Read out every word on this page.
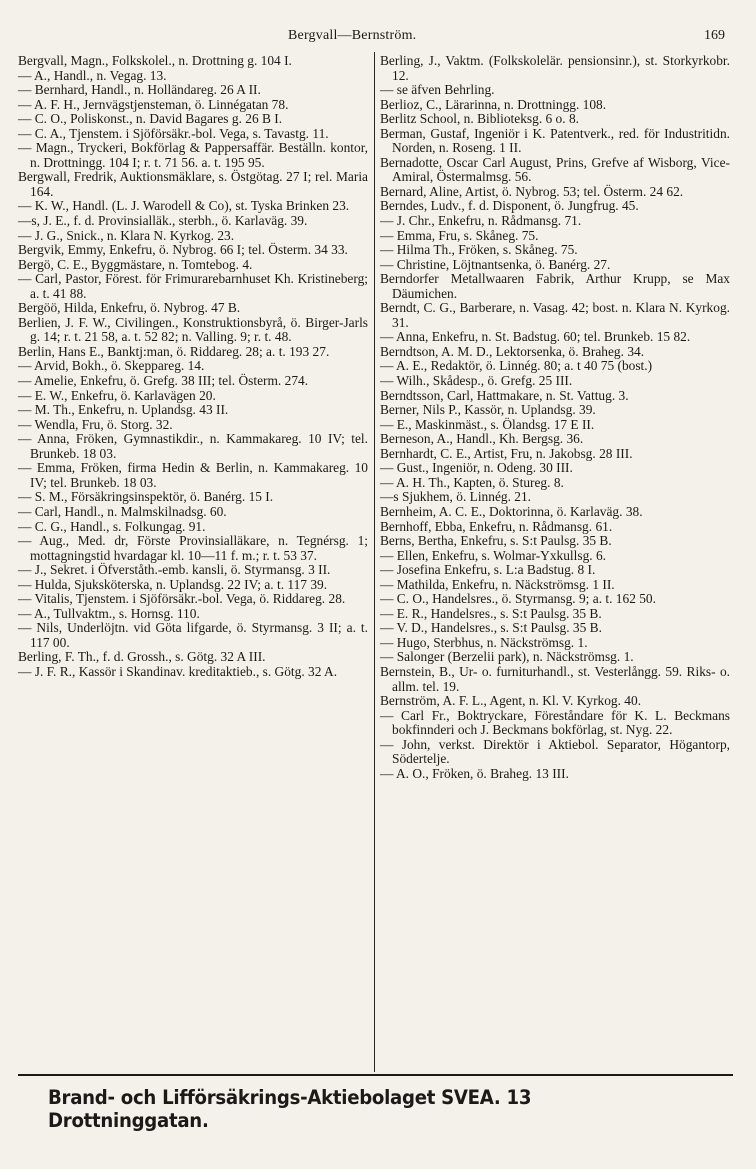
Bergvall—Bernström.	169
Bergvall, Magn., Folkskolel., n. Drottning g. 104 I.
— A., Handl., n. Vegag. 13.
— Bernhard, Handl., n. Holländareg. 26 A II.
— A. F. H., Jernvägstjensteman, ö. Linnégatan 78.
— C. O., Poliskonst., n. David Bagares g. 26 B I.
— C. A., Tjenstem. i Sjöförsäkr.-bol. Vega, s. Tavastg. 11.
— Magn., Tryckeri, Bokförlag & Pappersaffär. Beställn. kontor, n. Drottningg. 104 I; r. t. 71 56. a. t. 195 95.
Bergwall, Fredrik, Auktionsmäklare, s. Östgötag. 27 I; rel. Maria 164.
— K. W., Handl. (L. J. Warodell & Co), st. Tyska Brinken 23.
—s, J. E., f. d. Provinsialläk., sterbh., ö. Karlaväg. 39.
— J. G., Snick., n. Klara N. Kyrkog. 23.
Bergvik, Emmy, Enkefru, ö. Nybrog. 66 I; tel. Österm. 34 33.
Bergö, C. E., Byggmästare, n. Tomtebog. 4.
— Carl, Pastor, Förest. för Frimurarebarnhuset Kh. Kristineberg; a. t. 41 88.
Bergöö, Hilda, Enkefru, ö. Nybrog. 47 B.
Berlien, J. F. W., Civilingen., Konstruktionsbyrå, ö. Birger-Jarls g. 14; r. t. 21 58, a. t. 52 82; n. Valling. 9; r. t. 48.
Berlin, Hans E., Banktj:man, ö. Riddareg. 28; a. t. 193 27.
— Arvid, Bokh., ö. Skeppareg. 14.
— Amelie, Enkefru, ö. Grefg. 38 III; tel. Österm. 274.
— E. W., Enkefru, ö. Karlavägen 20.
— M. Th., Enkefru, n. Uplandsg. 43 II.
— Wendla, Fru, ö. Storg. 32.
— Anna, Fröken, Gymnastikdir., n. Kammakareg. 10 IV; tel. Brunkeb. 18 03.
— Emma, Fröken, firma Hedin & Berlin, n. Kammakareg. 10 IV; tel. Brunkeb. 18 03.
— S. M., Försäkringsinspektör, ö. Banérg. 15 I.
— Carl, Handl., n. Malmskilnadsg. 60.
— C. G., Handl., s. Folkungag. 91.
— Aug., Med. dr, Förste Provinsialläkare, n. Tegnérsg. 1; mottagningstid hvardagar kl. 10—11 f. m.; r. t. 53 37.
— J., Sekret. i Öfverståth.-emb. kansli, ö. Styrmansg. 3 II.
— Hulda, Sjuksköterska, n. Uplandsg. 22 IV; a. t. 117 39.
— Vitalis, Tjenstem. i Sjöförsäkr.-bol. Vega, ö. Riddareg. 28.
— A., Tullvaktm., s. Hornsg. 110.
— Nils, Underlöjtn. vid Göta lifgarde, ö. Styrmansg. 3 II; a. t. 117 00.
Berling, F. Th., f. d. Grossh., s. Götg. 32 A III.
— J. F. R., Kassör i Skandinav. kreditaktieb., s. Götg. 32 A.
Berling, J., Vaktm. (Folkskolelär. pensionsinr.), st. Storkyrkobr. 12.
— se äfven Behrling.
Berlioz, C., Lärarinna, n. Drottningg. 108.
Berlitz School, n. Biblioteksg. 6 o. 8.
Berman, Gustaf, Ingeniör i K. Patentverk., red. för Industritidn. Norden, n. Roseng. 1 II.
Bernadotte, Oscar Carl August, Prins, Grefve af Wisborg, Vice-Amiral, Östermalmsg. 56.
Bernard, Aline, Artist, ö. Nybrog. 53; tel. Österm. 24 62.
Berndes, Ludv., f. d. Disponent, ö. Jungfrug. 45.
— J. Chr., Enkefru, n. Rådmansg. 71.
— Emma, Fru, s. Skåneg. 75.
— Hilma Th., Fröken, s. Skåneg. 75.
— Christine, Löjtnantsenka, ö. Banérg. 27.
Berndorfer Metallwaaren Fabrik, Arthur Krupp, se Max Däumichen.
Berndt, C. G., Barberare, n. Vasag. 42; bost. n. Klara N. Kyrkog. 31.
— Anna, Enkefru, n. St. Badstug. 60; tel. Brunkeb. 15 82.
Berndtson, A. M. D., Lektorsenka, ö. Braheg. 34.
— A. E., Redaktör, ö. Linnég. 80; a. t 40 75 (bost.)
— Wilh., Skådesp., ö. Grefg. 25 III.
Berndtsson, Carl, Hattmakare, n. St. Vattug. 3.
Berner, Nils P., Kassör, n. Uplandsg. 39.
— E., Maskinmäst., s. Ölandsg. 17 E II.
Berneson, A., Handl., Kh. Bergsg. 36.
Bernhardt, C. E., Artist, Fru, n. Jakobsg. 28 III.
— Gust., Ingeniör, n. Odeng. 30 III.
— A. H. Th., Kapten, ö. Stureg. 8.
—s Sjukhem, ö. Linnég. 21.
Bernheim, A. C. E., Doktorinna, ö. Karlaväg. 38.
Bernhoff, Ebba, Enkefru, n. Rådmansg. 61.
Berns, Bertha, Enkefru, s. S:t Paulsg. 35 B.
— Ellen, Enkefru, s. Wolmar-Yxkullsg. 6.
— Josefina Enkefru, s. L:a Badstug. 8 I.
— Mathilda, Enkefru, n. Näckströmsg. 1 II.
— C. O., Handelsres., ö. Styrmansg. 9; a. t. 162 50.
— E. R., Handelsres., s. S:t Paulsg. 35 B.
— V. D., Handelsres., s. S:t Paulsg. 35 B.
— Hugo, Sterbhus, n. Näckströmsg. 1.
— Salonger (Berzelii park), n. Näckströmsg. 1.
Bernstein, B., Ur- o. furniturhandl., st. Vesterlångg. 59. Riks- o. allm. tel. 19.
Bernström, A. F. L., Agent, n. Kl. V. Kyrkog. 40.
— Carl Fr., Boktryckare, Föreståndare för K. L. Beckmans bokfinnderi och J. Beckmans bokförlag, st. Nyg. 22.
— John, verkst. Direktör i Aktiebol. Separator, Högantorp, Södertelje.
— A. O., Fröken, ö. Braheg. 13 III.
Brand- och Lifförsäkrings-Aktiebolaget SVEA. 13 Drottninggatan.
